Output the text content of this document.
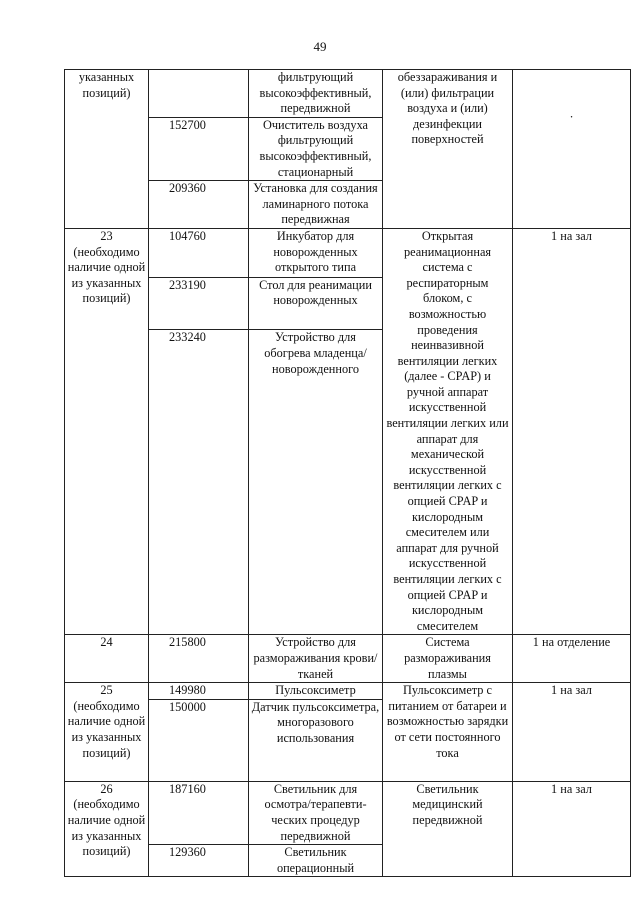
49
указанных позиций)		фильтрующий высокоэффективный, передвижной	обеззараживания и (или) фильтрации воздуха и (или) дезинфекции поверхностей	·

	152700	Очиститель воздуха фильтрующий высокоэффективный, стационарный		
	209360	Установка для создания ламинарного потока передвижная		
23 (необходимо наличие одной из указанных позиций)	104760	Инкубатор для новорожденных открытого типа	Открытая реанимационная система с респираторным блоком, с возможностью проведения неинвазивной вентиляции легких (далее - CPAP) и ручной аппарат искусственной вентиляции легких или аппарат для механической искусственной вентиляции легких с опцией CPAP и кислородным смесителем или аппарат для ручной искусственной вентиляции легких с опцией CPAP и кислородным смесителем	1 на зал
	233190	Стол для реанимации новорожденных		
	233240	Устройство для обогрева младенца/ новорожденного		
24	215800	Устройство для размораживания крови/тканей	Система размораживания плазмы	1 на отделение
25 (необходимо наличие одной из указанных позиций)	149980	Пульсоксиметр	Пульсоксиметр с питанием от батареи и возможностью зарядки от сети постоянного тока	1 на зал
	150000	Датчик пульсоксиметра, многоразового использования		
26 (необходимо наличие одной из указанных позиций)	187160	Светильник для осмотра/терапевти-ческих процедур передвижной	Светильник медицинский передвижной	1 на зал
	129360	Светильник операционный		
